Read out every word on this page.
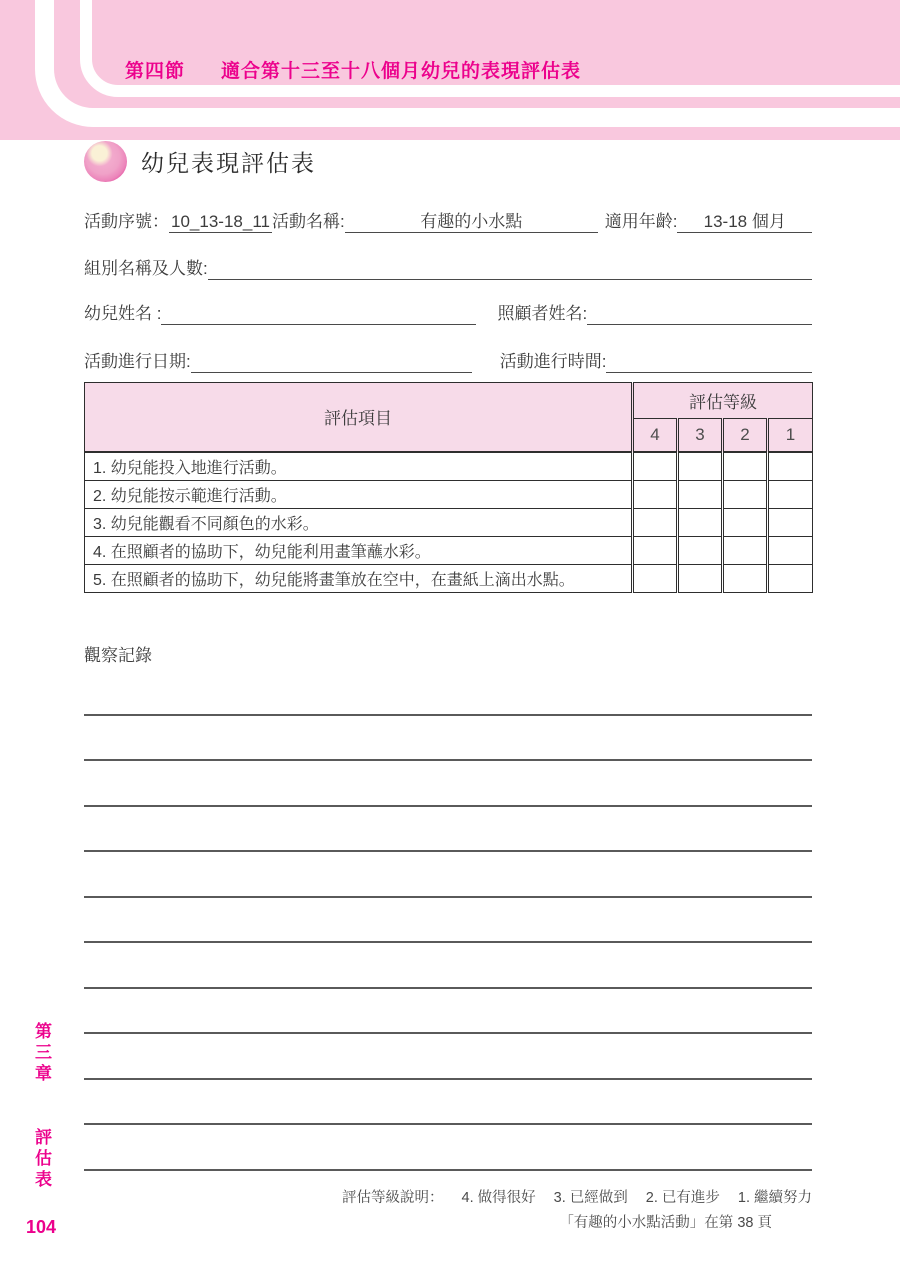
第四節 適合第十三至十八個月幼兒的表現評估表
幼兒表現評估表
活動序號： 10_13-18_11 活動名稱:	有趣的小水點	適用年齡:	13-18 個月
組別名稱及人數:
幼兒姓名 :	照顧者姓名:
活動進行日期:	活動進行時間:
評估項目	評估等級			
	4	3	2	1
1. 幼兒能投入地進行活動。				
2. 幼兒能按示範進行活動。				
3. 幼兒能觀看不同顏色的水彩。				
4. 在照顧者的協助下，幼兒能利用畫筆蘸水彩。				
5. 在照顧者的協助下，幼兒能將畫筆放在空中，在畫紙上滴出水點。				
觀察記錄
評估等級說明： 4. 做得很好 3. 已經做到 2. 已有進步 1. 繼續努力
「有趣的小水點活動」在第 38 頁
第三章 評估表
104
